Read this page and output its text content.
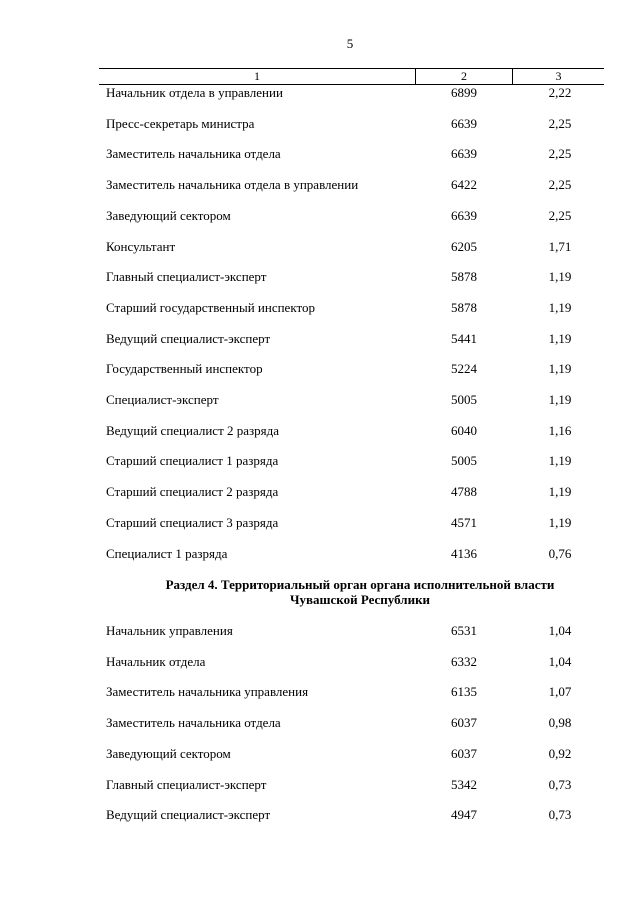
5
1	2	3
Начальник отдела в управлении	6899	2,22
Пресс-секретарь министра	6639	2,25
Заместитель начальника отдела	6639	2,25
Заместитель начальника отдела в управлении	6422	2,25
Заведующий сектором	6639	2,25
Консультант	6205	1,71
Главный специалист-эксперт	5878	1,19
Старший государственный инспектор	5878	1,19
Ведущий специалист-эксперт	5441	1,19
Государственный инспектор	5224	1,19
Специалист-эксперт	5005	1,19
Ведущий специалист 2 разряда	6040	1,16
Старший специалист 1 разряда	5005	1,19
Старший специалист 2 разряда	4788	1,19
Старший специалист 3 разряда	4571	1,19
Специалист 1 разряда	4136	0,76
Раздел 4. Территориальный орган органа исполнительной власти
Чувашской Республики
Начальник управления	6531	1,04
Начальник отдела	6332	1,04
Заместитель начальника управления	6135	1,07
Заместитель начальника отдела	6037	0,98
Заведующий сектором	6037	0,92
Главный специалист-эксперт	5342	0,73
Ведущий специалист-эксперт	4947	0,73
